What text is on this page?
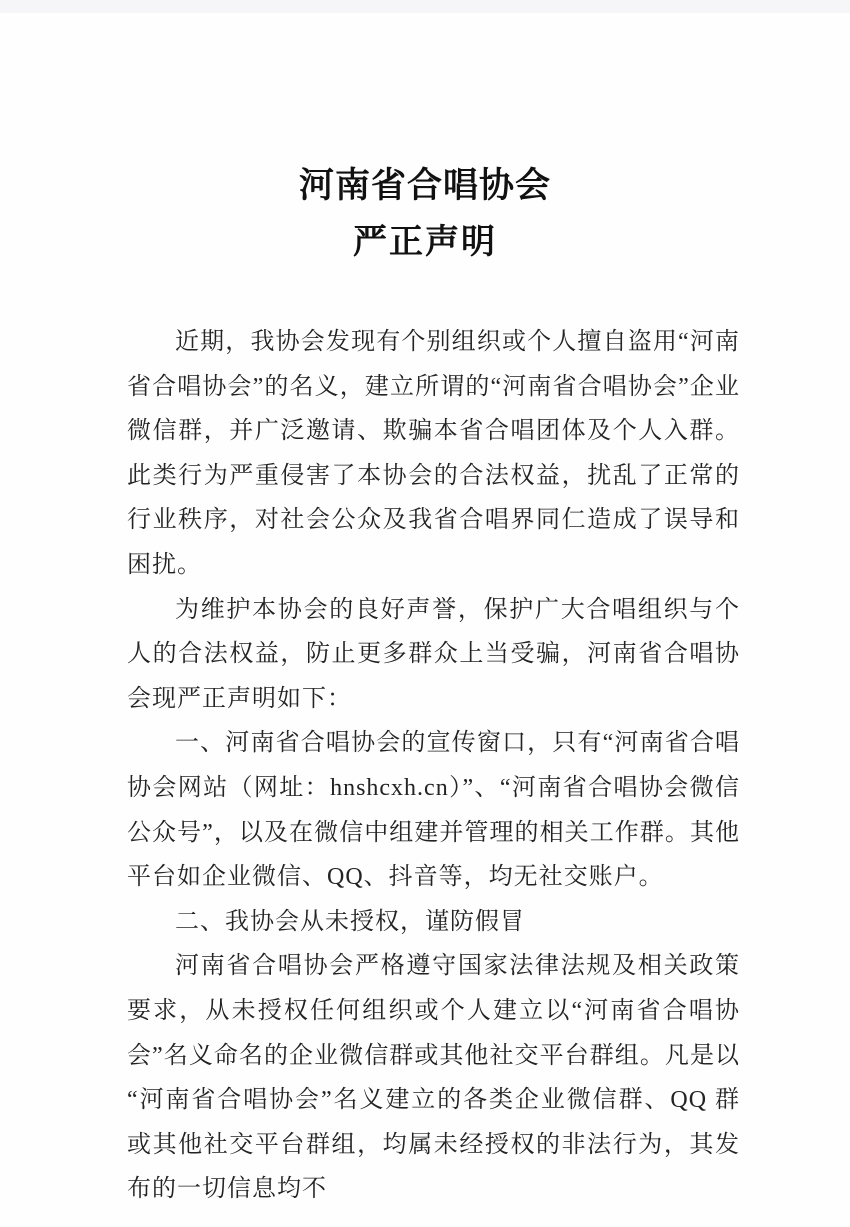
河南省合唱协会
严正声明

近期，我协会发现有个别组织或个人擅自盗用“河南省合唱协会”的名义，建立所谓的“河南省合唱协会”企业微信群，并广泛邀请、欺骗本省合唱团体及个人入群。此类行为严重侵害了本协会的合法权益，扰乱了正常的行业秩序，对社会公众及我省合唱界同仁造成了误导和困扰。

为维护本协会的良好声誉，保护广大合唱组织与个人的合法权益，防止更多群众上当受骗，河南省合唱协会现严正声明如下：

一、河南省合唱协会的宣传窗口，只有“河南省合唱协会网站（网址：hnshcxh.cn）”、“河南省合唱协会微信公众号”，以及在微信中组建并管理的相关工作群。其他平台如企业微信、QQ、抖音等，均无社交账户。

二、我协会从未授权，谨防假冒

河南省合唱协会严格遵守国家法律法规及相关政策要求，从未授权任何组织或个人建立以“河南省合唱协会”名义命名的企业微信群或其他社交平台群组。凡是以“河南省合唱协会”名义建立的各类企业微信群、QQ 群或其他社交平台群组，均属未经授权的非法行为，其发布的一切信息均不
